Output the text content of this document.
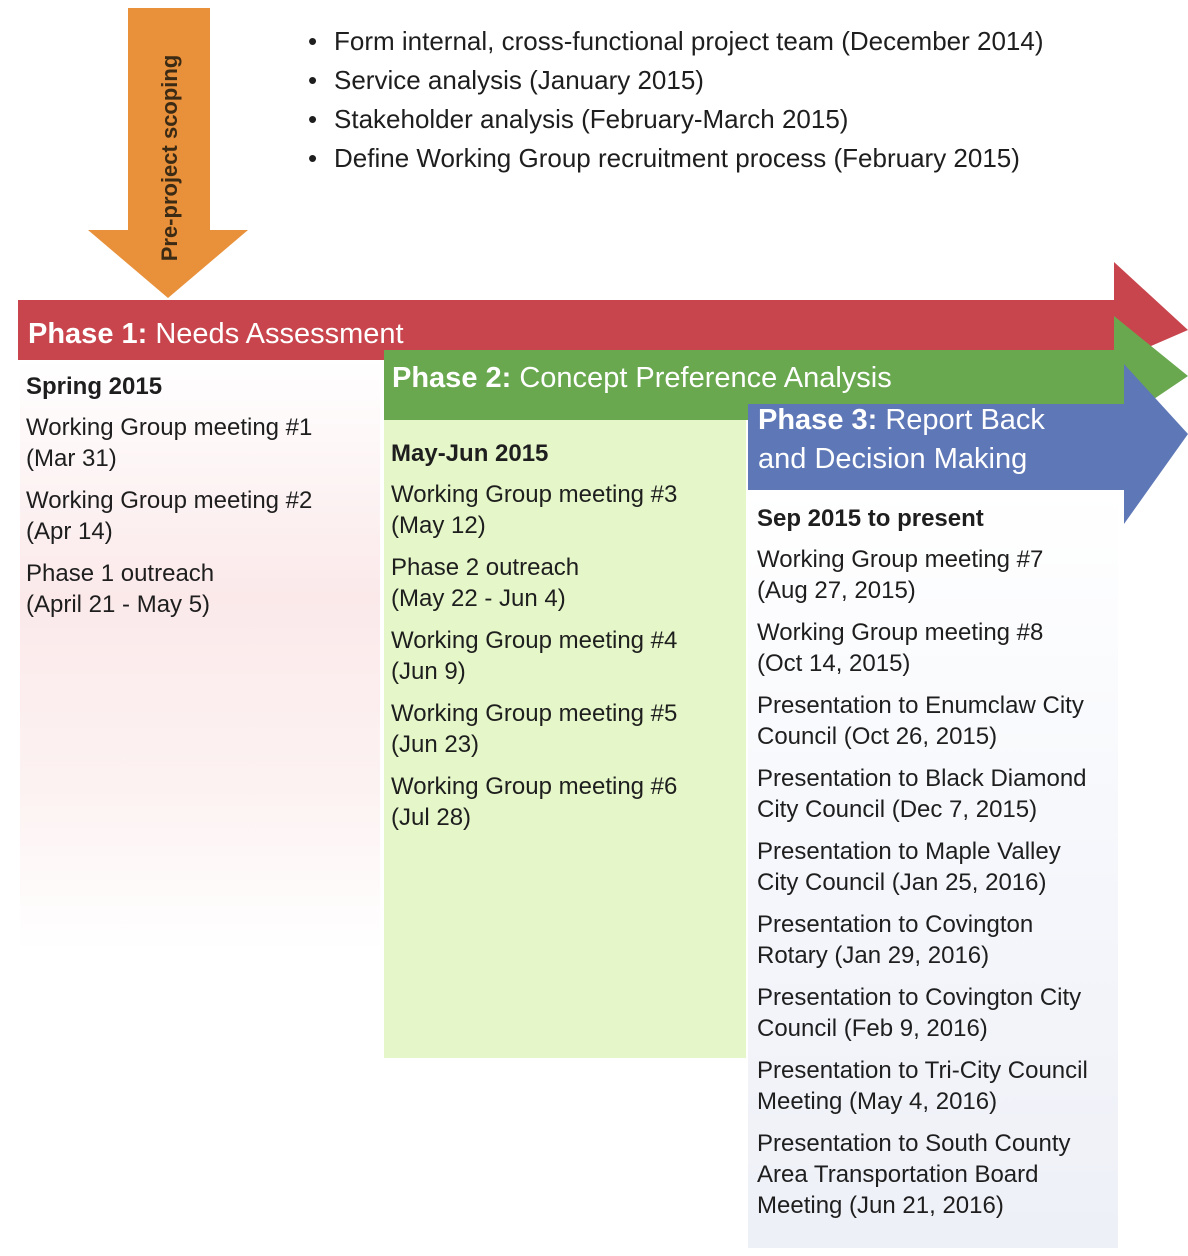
Pre-project scoping
• Form internal, cross-functional project team (December 2014)
• Service analysis (January 2015)
• Stakeholder analysis (February-March 2015)
• Define Working Group recruitment process (February 2015)
Phase 1: Needs Assessment
Phase 2: Concept Preference Analysis
Phase 3: Report Back
and Decision Making
Spring 2015
Working Group meeting #1
(Mar 31)
Working Group meeting #2
(Apr 14)
Phase 1 outreach
(April 21 - May 5)
May-Jun 2015
Working Group meeting #3
(May 12)
Phase 2 outreach
(May 22 - Jun 4)
Working Group meeting #4
(Jun 9)
Working Group meeting #5
(Jun 23)
Working Group meeting #6
(Jul 28)
Sep 2015 to present
Working Group meeting #7
(Aug 27, 2015)
Working Group meeting #8
(Oct 14, 2015)
Presentation to Enumclaw City
Council (Oct 26, 2015)
Presentation to Black Diamond
City Council (Dec 7, 2015)
Presentation to Maple Valley
City Council (Jan 25, 2016)
Presentation to Covington
Rotary (Jan 29, 2016)
Presentation to Covington City
Council (Feb 9, 2016)
Presentation to Tri-City Council
Meeting (May 4, 2016)
Presentation to South County
Area Transportation Board
Meeting (Jun 21, 2016)
